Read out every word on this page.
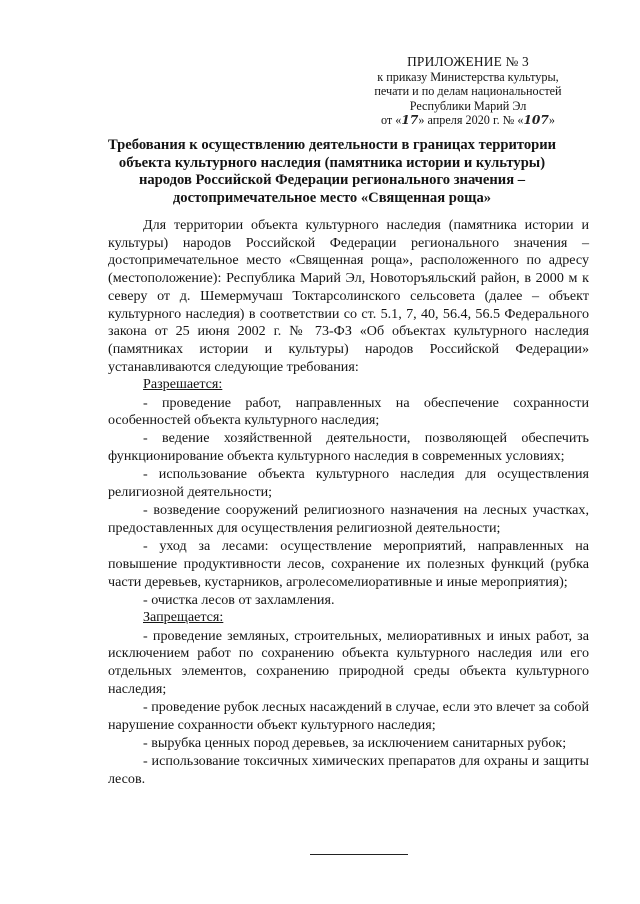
ПРИЛОЖЕНИЕ № 3
к приказу Министерства культуры,
печати и по делам национальностей
Республики Марий Эл
от «17» апреля 2020 г. № «107»
Требования к осуществлению деятельности в границах территории
объекта культурного наследия (памятника истории и культуры)
народов Российской Федерации регионального значения –
достопримечательное место «Священная роща»

Для территории объекта культурного наследия (памятника истории и культуры) народов Российской Федерации регионального значения – достопримечательное место «Священная роща», расположенного по адресу (местоположение): Республика Марий Эл, Новоторъяльский район, в 2000 м к северу от д. Шемермучаш Токтарсолинского сельсовета (далее – объект культурного наследия) в соответствии со ст. 5.1, 7, 40, 56.4, 56.5 Федерального закона от 25 июня 2002 г. № 73-ФЗ «Об объектах культурного наследия (памятниках истории и культуры) народов Российской Федерации» устанавливаются следующие требования:

Разрешается:

- проведение работ, направленных на обеспечение сохранности особенностей объекта культурного наследия;

- ведение хозяйственной деятельности, позволяющей обеспечить функционирование объекта культурного наследия в современных условиях;

- использование объекта культурного наследия для осуществления религиозной деятельности;

- возведение сооружений религиозного назначения на лесных участках, предоставленных для осуществления религиозной деятельности;

- уход за лесами: осуществление мероприятий, направленных на повышение продуктивности лесов, сохранение их полезных функций (рубка части деревьев, кустарников, агролесомелиоративные и иные мероприятия);

- очистка лесов от захламления.

Запрещается:

- проведение земляных, строительных, мелиоративных и иных работ, за исключением работ по сохранению объекта культурного наследия или его отдельных элементов, сохранению природной среды объекта культурного наследия;

- проведение рубок лесных насаждений в случае, если это влечет за собой нарушение сохранности объект культурного наследия;

- вырубка ценных пород деревьев, за исключением санитарных рубок;

- использование токсичных химических препаратов для охраны и защиты лесов.
